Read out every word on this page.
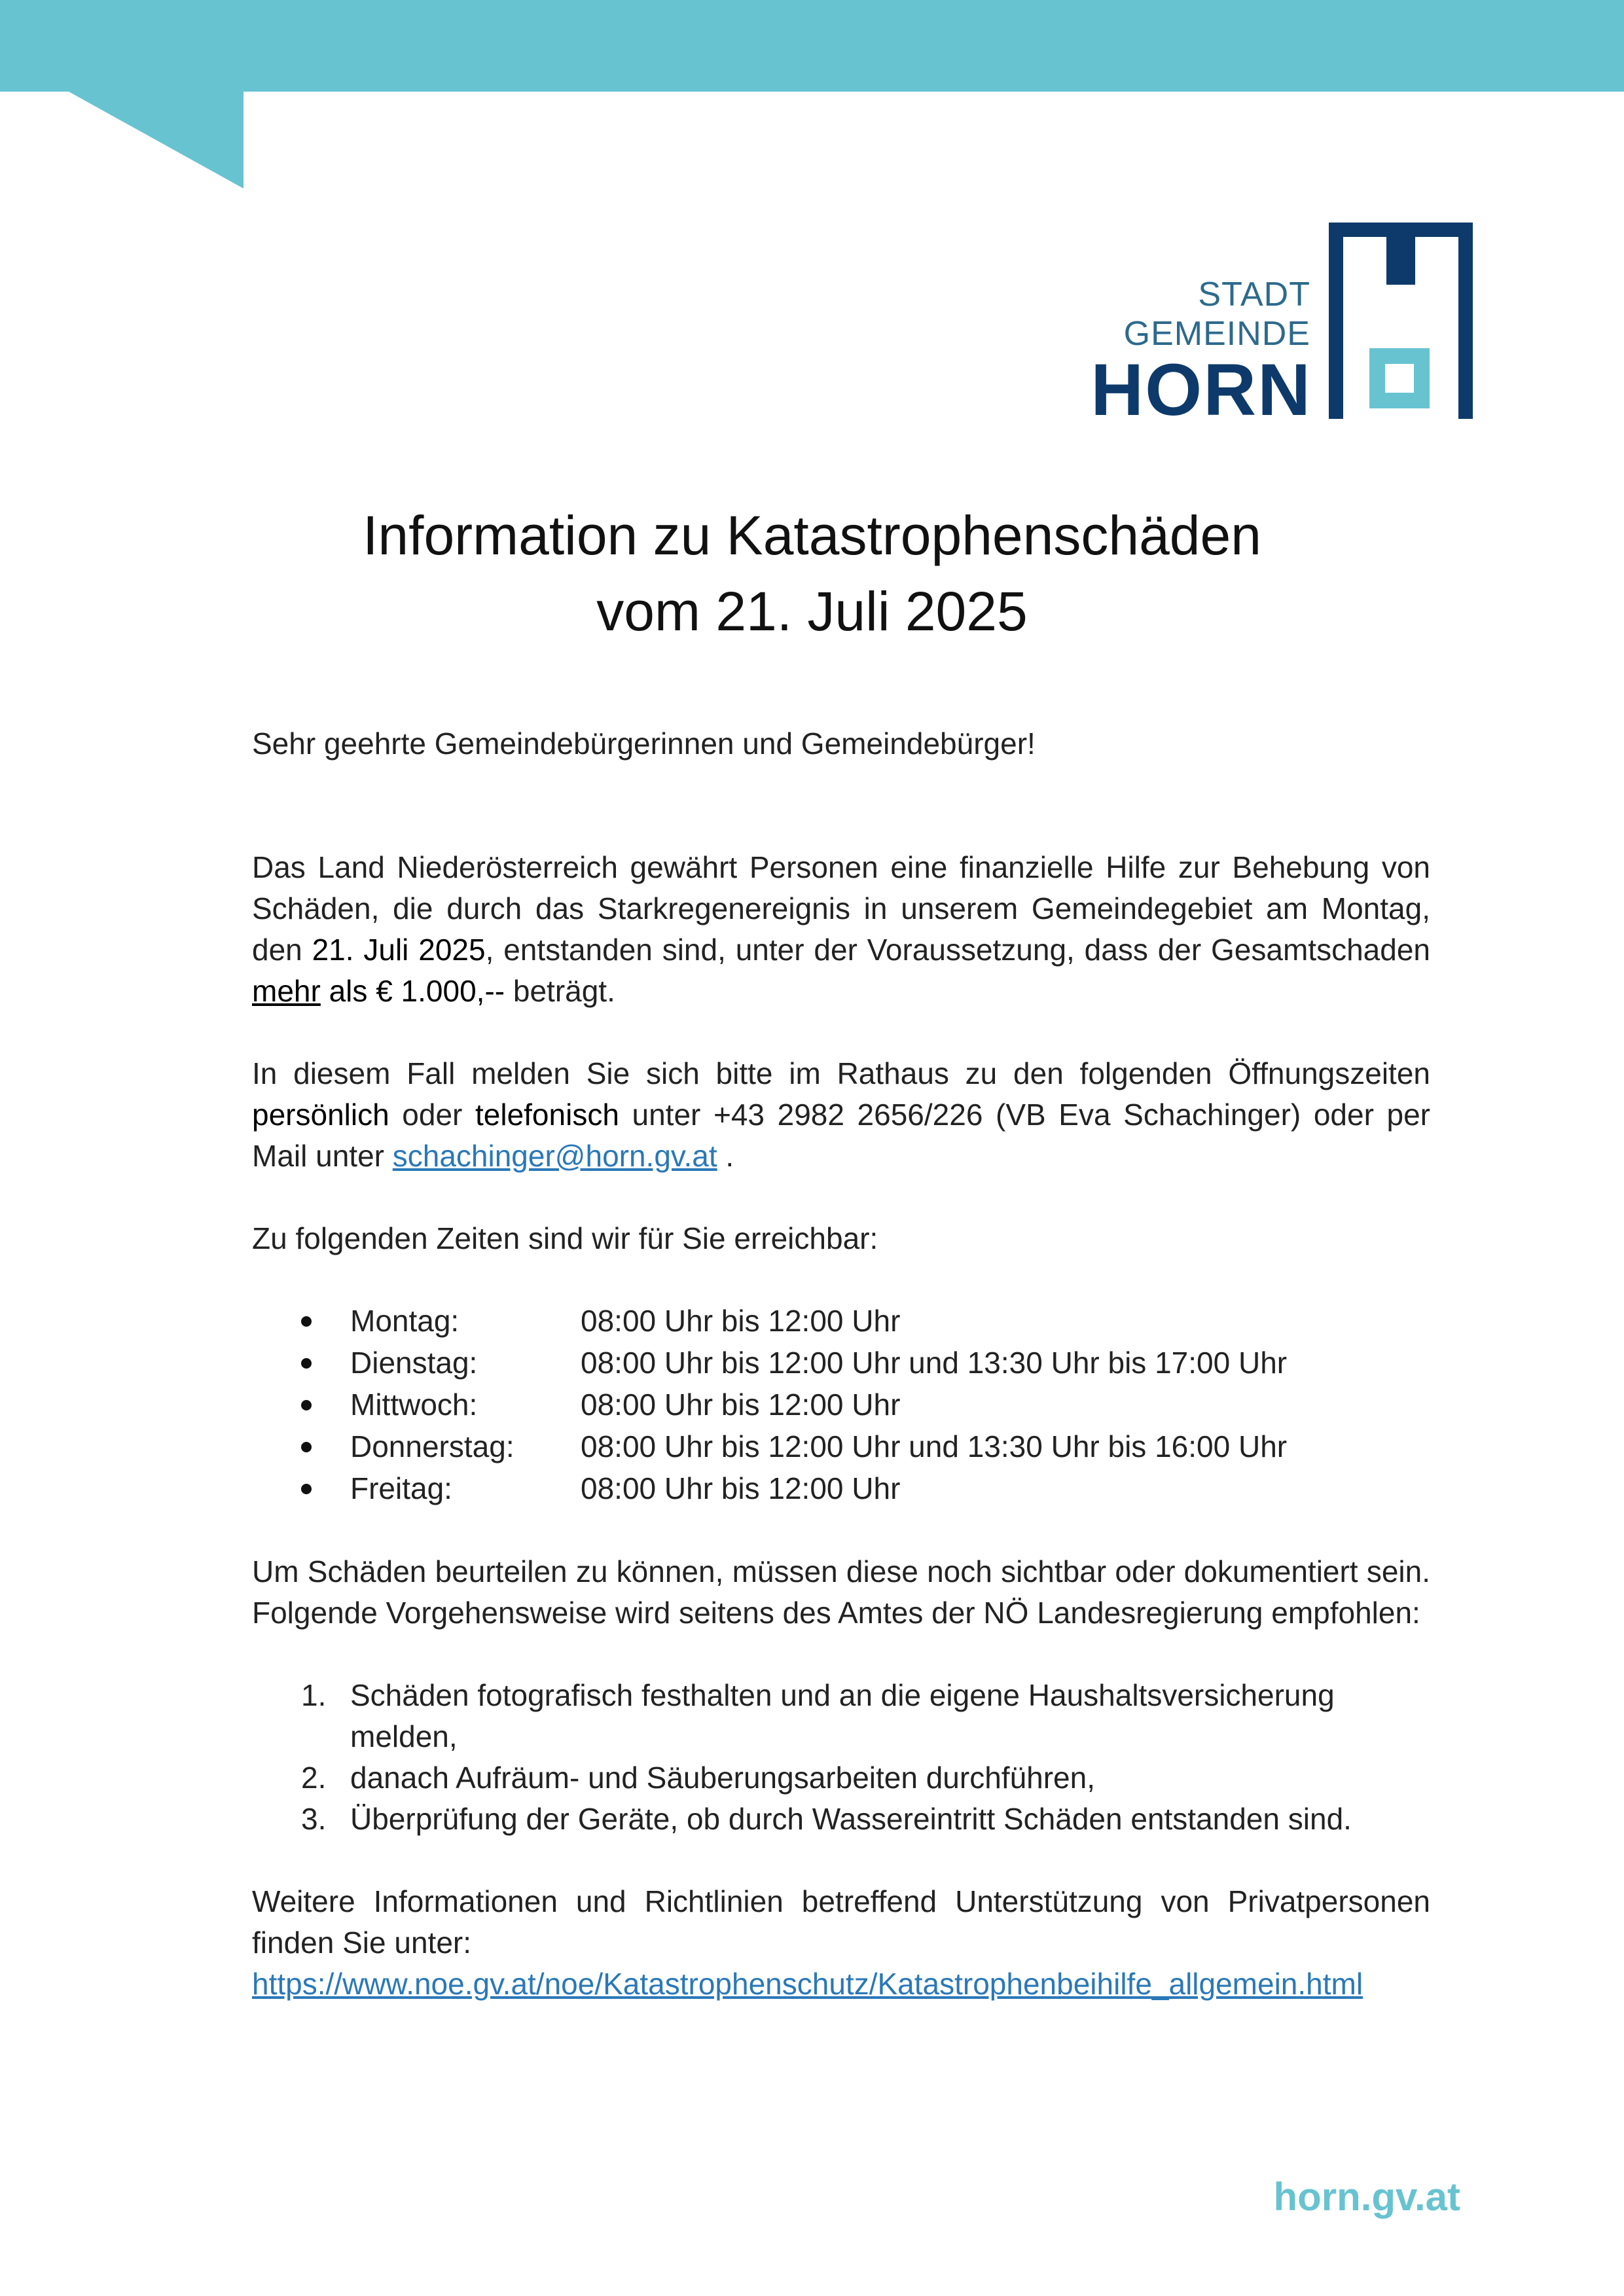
STADT
GEMEINDE
HORN
Information zu Katastrophenschäden
vom 21. Juli 2025

Sehr geehrte Gemeindebürgerinnen und Gemeindebürger!

Das Land Niederösterreich gewährt Personen eine finanzielle Hilfe zur Behebung von Schäden, die durch das Starkregenereignis in unserem Gemeindegebiet am Montag, den 21. Juli 2025, entstanden sind, unter der Voraussetzung, dass der Gesamtschaden mehr als € 1.000,-- beträgt.

In diesem Fall melden Sie sich bitte im Rathaus zu den folgenden Öffnungszeiten persönlich oder telefonisch unter +43 2982 2656/226 (VB Eva Schachinger) oder per Mail unter schachinger@horn.gv.at .

Zu folgenden Zeiten sind wir für Sie erreichbar:

Montag:	08:00 Uhr bis 12:00 Uhr
Dienstag:	08:00 Uhr bis 12:00 Uhr und 13:30 Uhr bis 17:00 Uhr
Mittwoch:	08:00 Uhr bis 12:00 Uhr
Donnerstag: 08:00 Uhr bis 12:00 Uhr und 13:30 Uhr bis 16:00 Uhr
Freitag:	08:00 Uhr bis 12:00 Uhr

Um Schäden beurteilen zu können, müssen diese noch sichtbar oder dokumentiert sein. Folgende Vorgehensweise wird seitens des Amtes der NÖ Landesregierung empfohlen:

1. Schäden fotografisch festhalten und an die eigene Haushaltsversicherung melden,
2. danach Aufräum- und Säuberungsarbeiten durchführen,
3. Überprüfung der Geräte, ob durch Wassereintritt Schäden entstanden sind.

Weitere Informationen und Richtlinien betreffend Unterstützung von Privatpersonen finden Sie unter:

https://www.noe.gv.at/noe/Katastrophenschutz/Katastrophenbeihilfe_allgemein.html

horn.gv.at
